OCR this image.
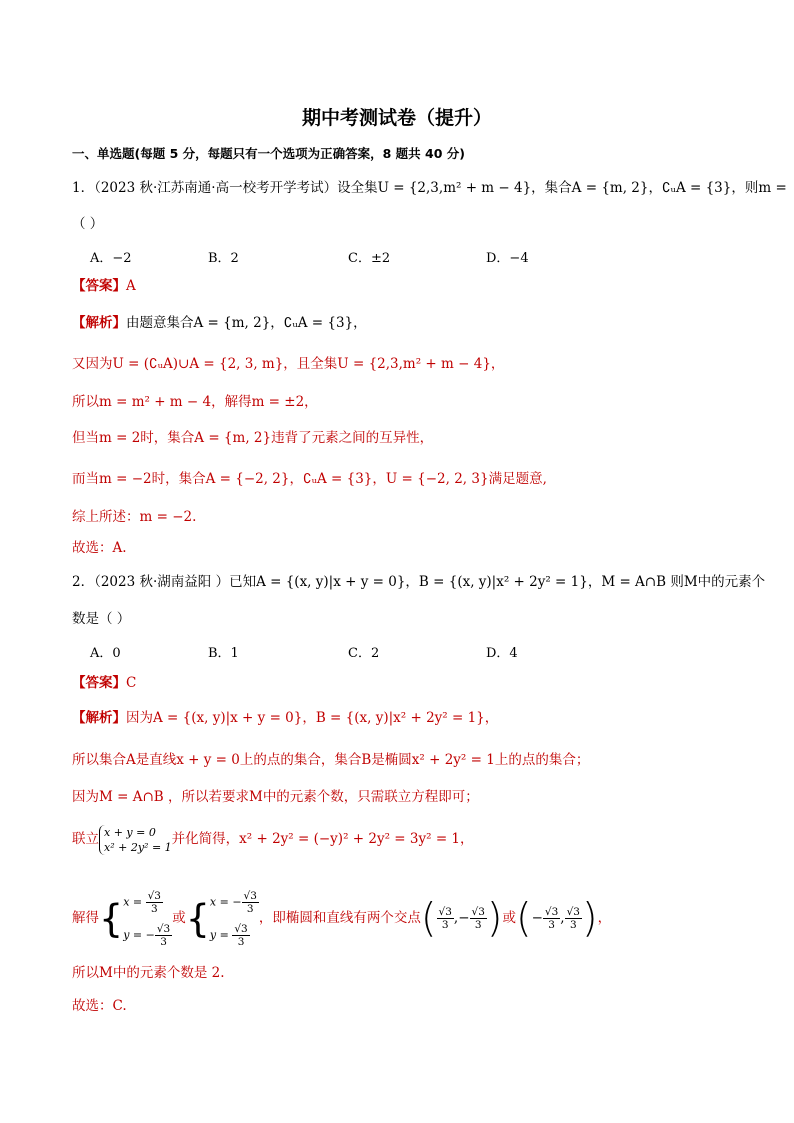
期中考测试卷（提升）
一、单选题(每题 5 分，每题只有一个选项为正确答案，8 题共 40 分)
1．（2023 秋·江苏南通·高一校考开学考试）设全集U = {2,3,m² + m − 4}，集合A = {m, 2}，∁ᵤA = {3}，则m =
（ ）
A．−2	B．2	C．±2	D．−4
【答案】A
【解析】由题意集合A = {m, 2}，∁ᵤA = {3}，
又因为U = (∁ᵤA)∪A = {2, 3, m}，且全集U = {2,3,m² + m − 4}，
所以m = m² + m − 4，解得m = ±2，
但当m = 2时，集合A = {m, 2}违背了元素之间的互异性，
而当m = −2时，集合A = {−2, 2}，∁ᵤA = {3}，U = {−2, 2, 3}满足题意,
综上所述：m = −2.
故选：A.
2．（2023 秋·湖南益阳 ）已知A = {(x, y)|x + y = 0}，B = {(x, y)|x² + 2y² = 1}，M = A∩B 则M中的元素个
数是（ ）
A．0	B．1	C．2	D．4
【答案】C
【解析】因为A = {(x, y)|x + y = 0}，B = {(x, y)|x² + 2y² = 1}，
所以集合A是直线x + y = 0上的点的集合，集合B是椭圆x² + 2y² = 1上的点的集合；
因为M = A∩B ，所以若要求M中的元素个数，只需联立方程即可；
联立 x + y = 0
x² + 2y² = 1 并化简得，x² + 2y² = (−y)² + 2y² = 3y² = 1，
解得{ $x = \frac{√3}{3}$
y = − $\frac{√3}{3}$
或{ x = − $\frac{√3}{3}$
$y = \frac{√3}{3}$
，即椭圆和直线有两个交点( $\frac{√3}{3}$ ,− $\frac{√3}{3}$ )或(− $\frac{√3}{3}$ , $\frac{√3}{3}$ )，
所以M中的元素个数是 2.
故选：C.
